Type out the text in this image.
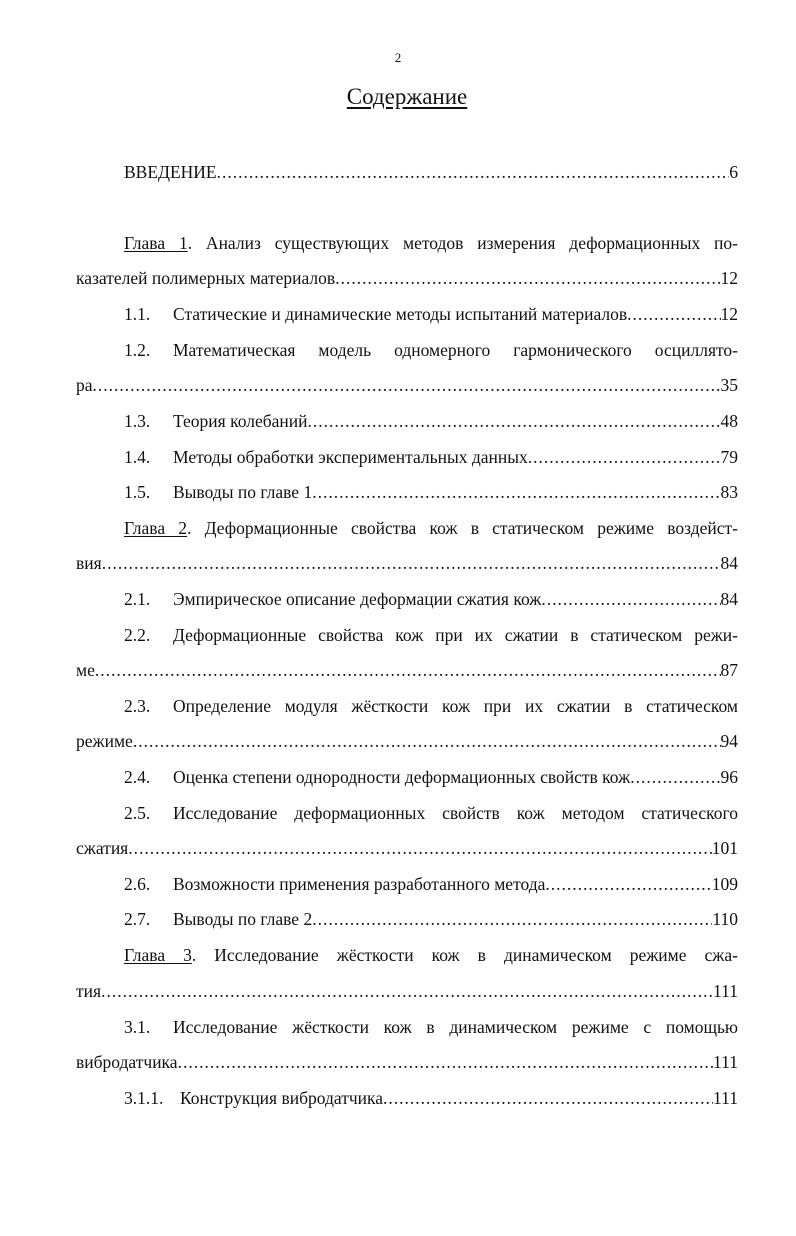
2
Содержание
ВВЕДЕНИЕ .....	6
Глава 1. Анализ существующих методов измерения деформационных по-
казателей полимерных материалов .....	12
1.1.	Статические и динамические методы испытаний материалов .....	12
1.2. Математическая модель одномерного гармонического осциллято-
ра .....	35
1.3.	Теория колебаний .....	48
1.4.	Методы обработки экспериментальных данных .....	79
1.5.	Выводы по главе 1 .....	83
Глава 2. Деформационные свойства кож в статическом режиме воздейст-
вия .....	84
2.1.	Эмпирическое описание деформации сжатия кож .....	84
2.2. Деформационные свойства кож при их сжатии в статическом режи-
ме .....	87
2.3. Определение модуля жёсткости кож при их сжатии в статическом
режиме .....	94
2.4.	Оценка степени однородности деформационных свойств кож .....	96
2.5. Исследование деформационных свойств кож методом статического
сжатия .....	101
2.6.	Возможности применения разработанного метода .....	109
2.7.	Выводы по главе 2 .....	110
Глава 3. Исследование жёсткости кож в динамическом режиме сжа-
тия .....	111
3.1. Исследование жёсткости кож в динамическом режиме с помощью
вибродатчика .....	111
3.1.1. Конструкция вибродатчика .....	111
